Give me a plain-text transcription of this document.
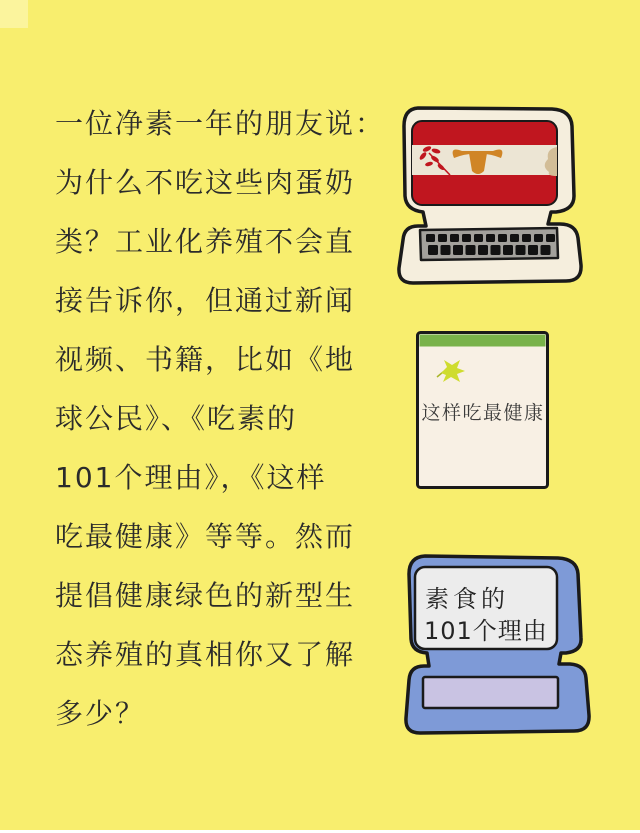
一位净素一年的朋友说：
为什么不吃这些肉蛋奶
类？工业化养殖不会直
接告诉你，但通过新闻
视频、书籍，比如《地
球公民》、《吃素的
101个理由》，《这样
吃最健康》等等。然而
提倡健康绿色的新型生
态养殖的真相你又了解
多少？
这样吃最健康
素食的
101个理由
